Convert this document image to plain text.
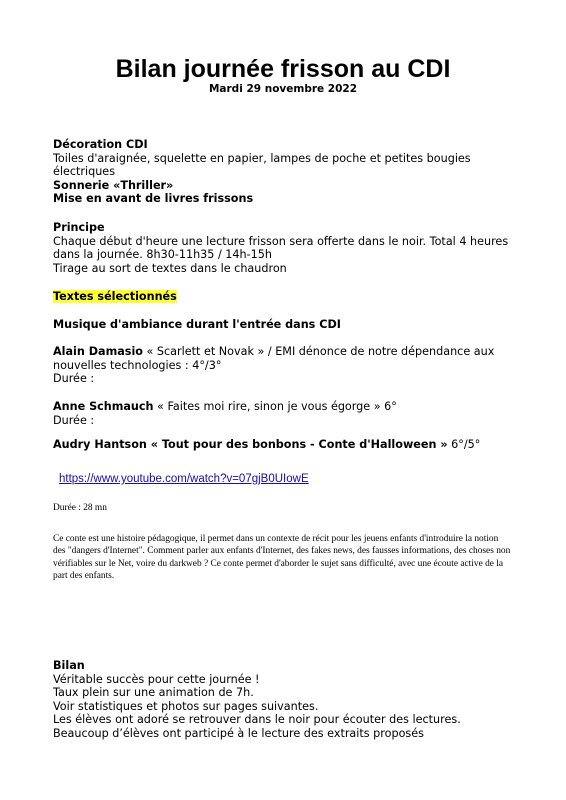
Bilan journée frisson au CDI
Mardi 29 novembre 2022
Décoration CDI
Toiles d'araignée, squelette en papier, lampes de poche et petites bougies électriques
Sonnerie «Thriller»
Mise en avant de livres frissons
Principe
Chaque début d'heure une lecture frisson sera offerte dans le noir. Total 4 heures dans la journée. 8h30-11h35 / 14h-15h
Tirage au sort de textes dans le chaudron
Textes sélectionnés
Musique d'ambiance durant l'entrée dans CDI
Alain Damasio « Scarlett et Novak » / EMI dénonce de notre dépendance aux nouvelles technologies : 4°/3°
Durée :
Anne Schmauch « Faites moi rire, sinon je vous égorge » 6°
Durée :
Audry Hantson « Tout pour des bonbons - Conte d'Halloween » 6°/5°
https://www.youtube.com/watch?v=07gjB0UIowE
Durée : 28 mn
Ce conte est une histoire pédagogique, il permet dans un contexte de récit pour les jeuens enfants d'introduire la notion des "dangers d'Internet". Comment parler aux enfants d'Internet, des fakes news, des fausses informations, des choses non vérifiables sur le Net, voire du darkweb ? Ce conte permet d'aborder le sujet sans difficulté, avec une écoute active de la part des enfants.
Bilan
Véritable succès pour cette journée !
Taux plein sur une animation de 7h.
Voir statistiques et photos sur pages suivantes.
Les élèves ont adoré se retrouver dans le noir pour écouter des lectures.
Beaucoup d’élèves ont participé à le lecture des extraits proposés
